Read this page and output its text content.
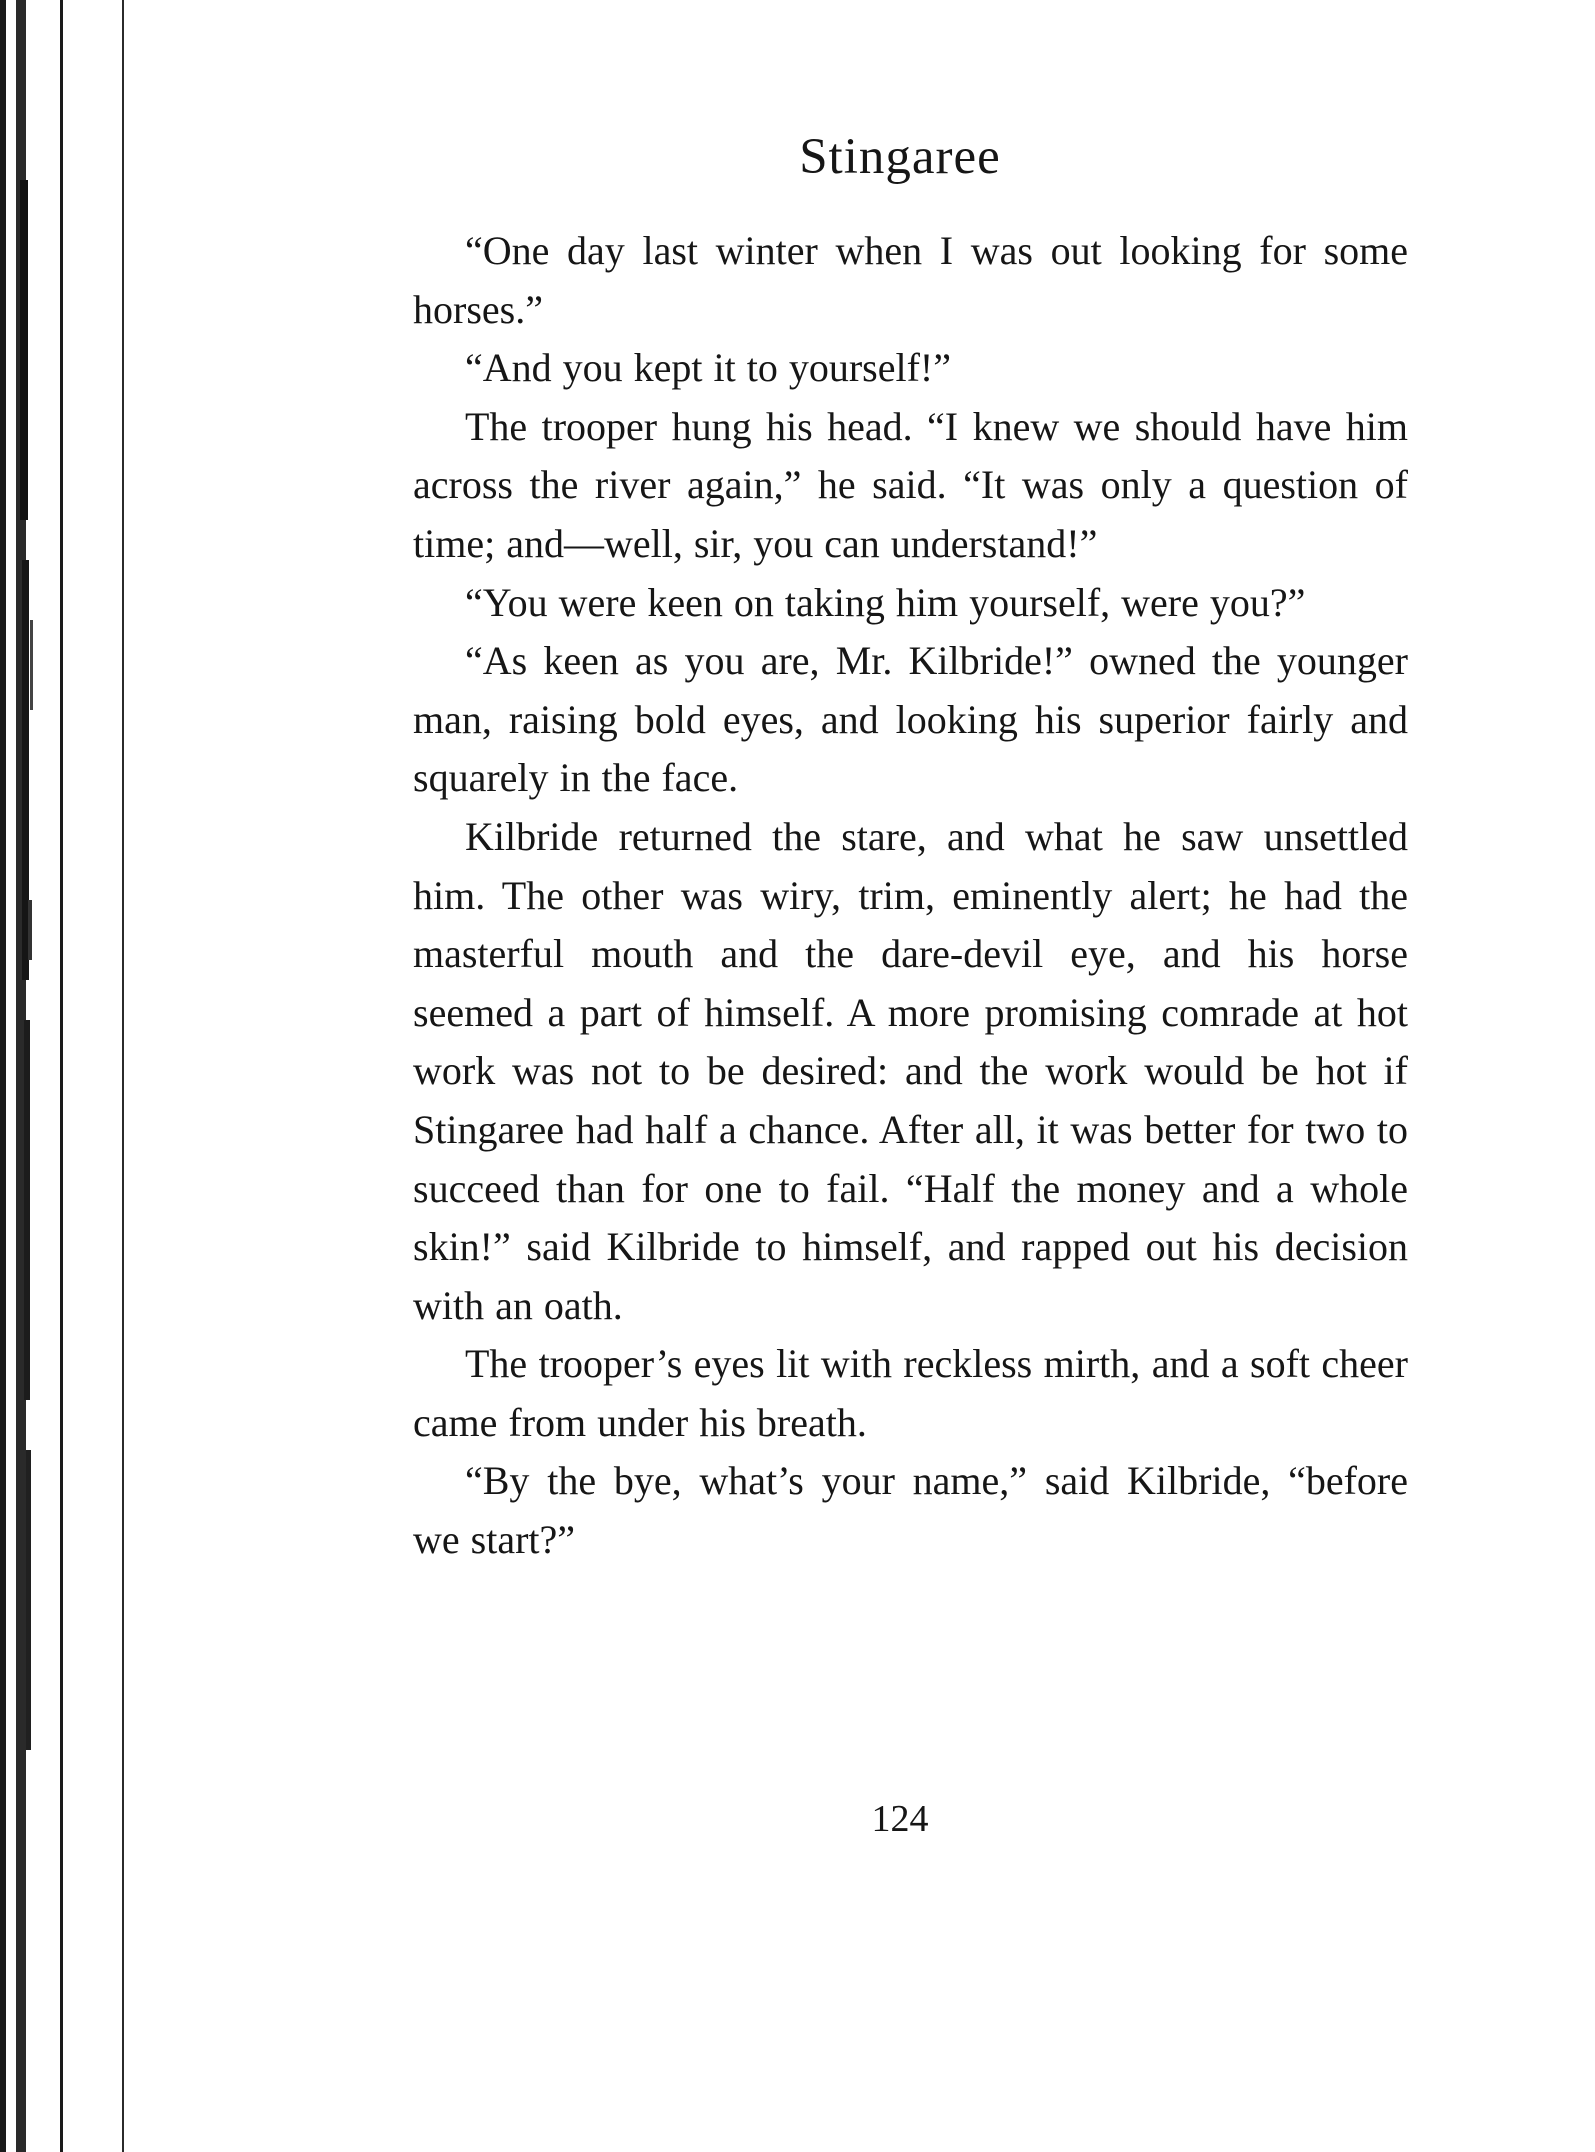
Stingaree

“One day last winter when I was out looking for some horses.”

“And you kept it to yourself!”

The trooper hung his head. “I knew we should have him across the river again,” he said. “It was only a question of time; and—well, sir, you can understand!”

“You were keen on taking him yourself, were you?”

“As keen as you are, Mr. Kilbride!” owned the younger man, raising bold eyes, and looking his superior fairly and squarely in the face.

Kilbride returned the stare, and what he saw unsettled him. The other was wiry, trim, eminently alert; he had the masterful mouth and the dare-devil eye, and his horse seemed a part of himself. A more promising comrade at hot work was not to be desired: and the work would be hot if Stingaree had half a chance. After all, it was better for two to succeed than for one to fail. “Half the money and a whole skin!” said Kilbride to himself, and rapped out his decision with an oath.

The trooper’s eyes lit with reckless mirth, and a soft cheer came from under his breath.

“By the bye, what’s your name,” said Kilbride, “before we start?”

124
